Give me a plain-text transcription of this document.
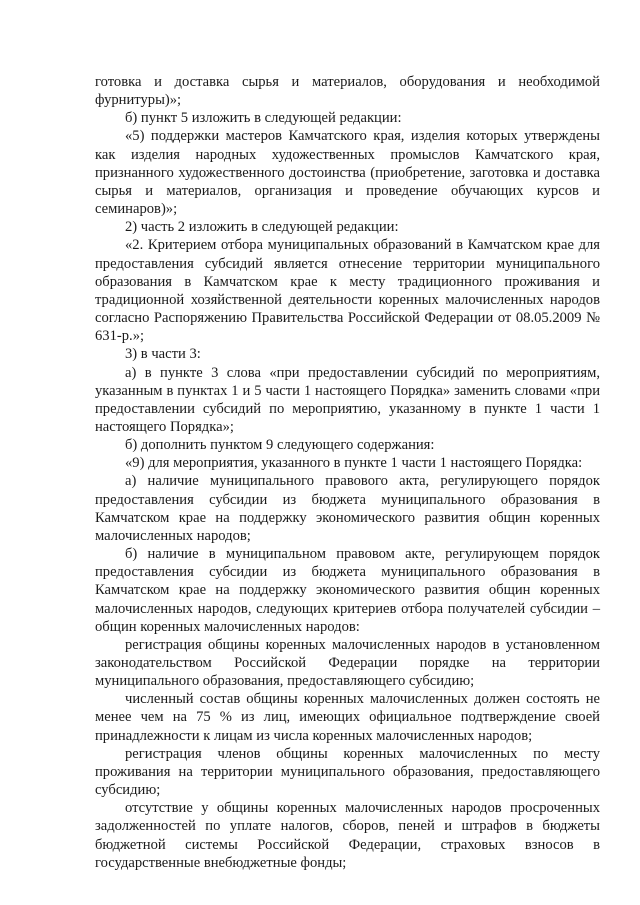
готовка и доставка сырья и материалов, оборудования и необходимой фурнитуры)»;

б) пункт 5 изложить в следующей редакции:

«5) поддержки мастеров Камчатского края, изделия которых утверждены как изделия народных художественных промыслов Камчатского края, признанного художественного достоинства (приобретение, заготовка и доставка сырья и материалов, организация и проведение обучающих курсов и семинаров)»;

2) часть 2 изложить в следующей редакции:

«2. Критерием отбора муниципальных образований в Камчатском крае для предоставления субсидий является отнесение территории муниципального образования в Камчатском крае к месту традиционного проживания и традиционной хозяйственной деятельности коренных малочисленных народов согласно Распоряжению Правительства Российской Федерации от 08.05.2009 № 631-р.»;

3) в части 3:

а) в пункте 3 слова «при предоставлении субсидий по мероприятиям, указанным в пунктах 1 и 5 части 1 настоящего Порядка» заменить словами «при предоставлении субсидий по мероприятию, указанному в пункте 1 части 1 настоящего Порядка»;

б) дополнить пунктом 9 следующего содержания:

«9) для мероприятия, указанного в пункте 1 части 1 настоящего Порядка:

а) наличие муниципального правового акта, регулирующего порядок предоставления субсидии из бюджета муниципального образования в Камчатском крае на поддержку экономического развития общин коренных малочисленных народов;

б) наличие в муниципальном правовом акте, регулирующем порядок предоставления субсидии из бюджета муниципального образования в Камчатском крае на поддержку экономического развития общин коренных малочисленных народов, следующих критериев отбора получателей субсидии – общин коренных малочисленных народов:

регистрация общины коренных малочисленных народов в установленном законодательством Российской Федерации порядке на территории муниципального образования, предоставляющего субсидию;

численный состав общины коренных малочисленных должен состоять не менее чем на 75 % из лиц, имеющих официальное подтверждение своей принадлежности к лицам из числа коренных малочисленных народов;

регистрация членов общины коренных малочисленных по месту проживания на территории муниципального образования, предоставляющего субсидию;

отсутствие у общины коренных малочисленных народов просроченных задолженностей по уплате налогов, сборов, пеней и штрафов в бюджеты бюджетной системы Российской Федерации, страховых взносов в государственные внебюджетные фонды;
